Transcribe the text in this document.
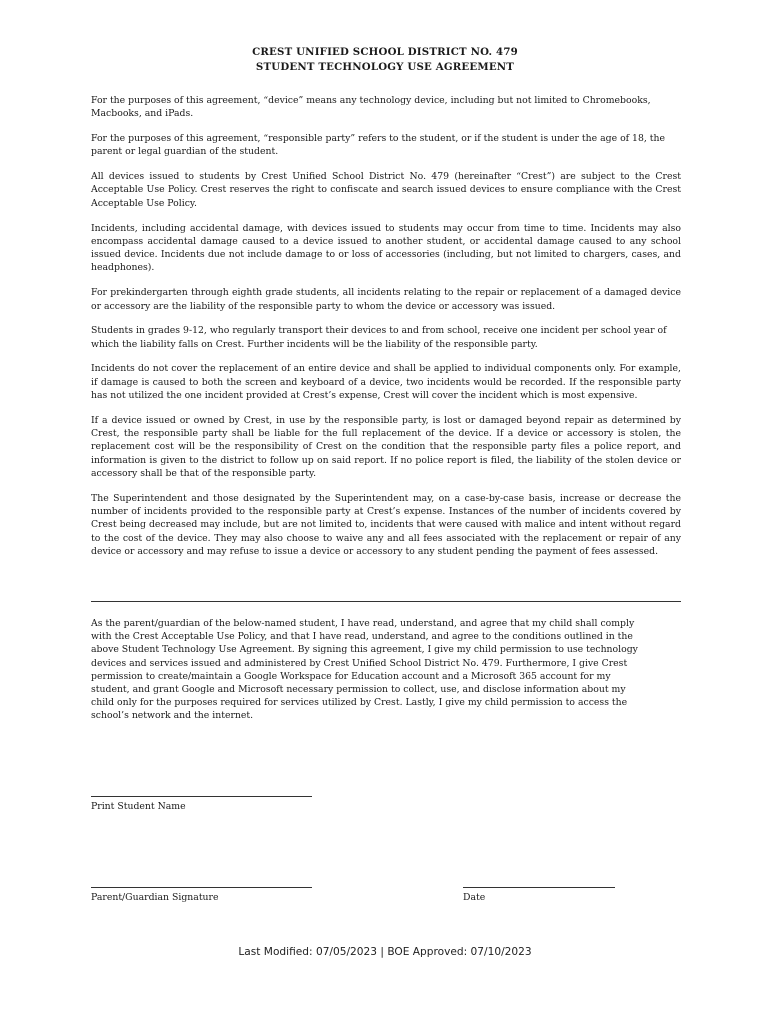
CREST UNIFIED SCHOOL DISTRICT NO. 479
STUDENT TECHNOLOGY USE AGREEMENT

For the purposes of this agreement, “device” means any technology device, including but not limited to Chromebooks, Macbooks, and iPads.

For the purposes of this agreement, “responsible party” refers to the student, or if the student is under the age of 18, the parent or legal guardian of the student.

All devices issued to students by Crest Unified School District No. 479 (hereinafter “Crest”) are subject to the Crest Acceptable Use Policy. Crest reserves the right to confiscate and search issued devices to ensure compliance with the Crest Acceptable Use Policy.

Incidents, including accidental damage, with devices issued to students may occur from time to time. Incidents may also encompass accidental damage caused to a device issued to another student, or accidental damage caused to any school issued device. Incidents due not include damage to or loss of accessories (including, but not limited to chargers, cases, and headphones).

For prekindergarten through eighth grade students, all incidents relating to the repair or replacement of a damaged device or accessory are the liability of the responsible party to whom the device or accessory was issued.

Students in grades 9-12, who regularly transport their devices to and from school, receive one incident per school year of which the liability falls on Crest. Further incidents will be the liability of the responsible party.

Incidents do not cover the replacement of an entire device and shall be applied to individual components only. For example, if damage is caused to both the screen and keyboard of a device, two incidents would be recorded. If the responsible party has not utilized the one incident provided at Crest’s expense, Crest will cover the incident which is most expensive.

If a device issued or owned by Crest, in use by the responsible party, is lost or damaged beyond repair as determined by Crest, the responsible party shall be liable for the full replacement of the device. If a device or accessory is stolen, the replacement cost will be the responsibility of Crest on the condition that the responsible party files a police report, and information is given to the district to follow up on said report. If no police report is filed, the liability of the stolen device or accessory shall be that of the responsible party.

The Superintendent and those designated by the Superintendent may, on a case-by-case basis, increase or decrease the number of incidents provided to the responsible party at Crest’s expense. Instances of the number of incidents covered by Crest being decreased may include, but are not limited to, incidents that were caused with malice and intent without regard to the cost of the device. They may also choose to waive any and all fees associated with the replacement or repair of any device or accessory and may refuse to issue a device or accessory to any student pending the payment of fees assessed.

As the parent/guardian of the below-named student, I have read, understand, and agree that my child shall comply with the Crest Acceptable Use Policy, and that I have read, understand, and agree to the conditions outlined in the above Student Technology Use Agreement. By signing this agreement, I give my child permission to use technology devices and services issued and administered by Crest Unified School District No. 479. Furthermore, I give Crest permission to create/maintain a Google Workspace for Education account and a Microsoft 365 account for my student, and grant Google and Microsoft necessary permission to collect, use, and disclose information about my child only for the purposes required for services utilized by Crest. Lastly, I give my child permission to access the school’s network and the internet.

Print Student Name
Parent/Guardian Signature	Date
Last Modified: 07/05/2023 | BOE Approved: 07/10/2023
